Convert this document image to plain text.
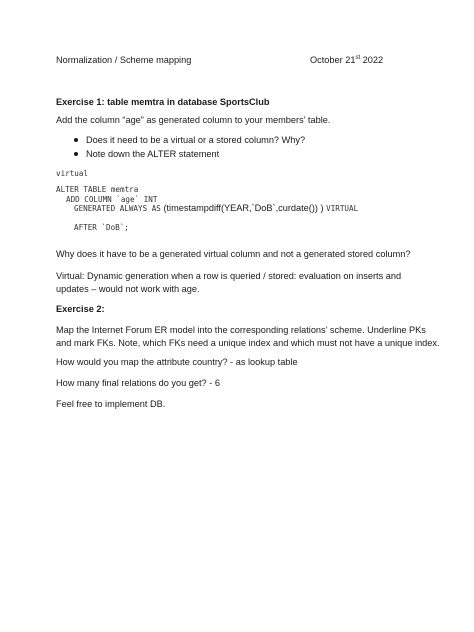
Normalization / Scheme mapping	October 21st 2022
Exercise 1: table memtra in database SportsClub
Add the column “age” as generated column to your members’ table.
Does it need to be a virtual or a stored column? Why?
Note down the ALTER statement
virtual
ALTER TABLE memtra
ADD COLUMN `age` INT
GENERATED ALWAYS AS (timestampdiff(YEAR,`DoB`,curdate()) ) VIRTUAL
AFTER `DoB`;
Why does it have to be a generated virtual column and not a generated stored column?
Virtual: Dynamic generation when a row is queried / stored: evaluation on inserts and
updates – would not work with age.
Exercise 2:
Map the Internet Forum ER model into the corresponding relations’ scheme. Underline PKs
and mark FKs. Note, which FKs need a unique index and which must not have a unique index.
How would you map the attribute country? - as lookup table
How many final relations do you get? - 6
Feel free to implement DB.
